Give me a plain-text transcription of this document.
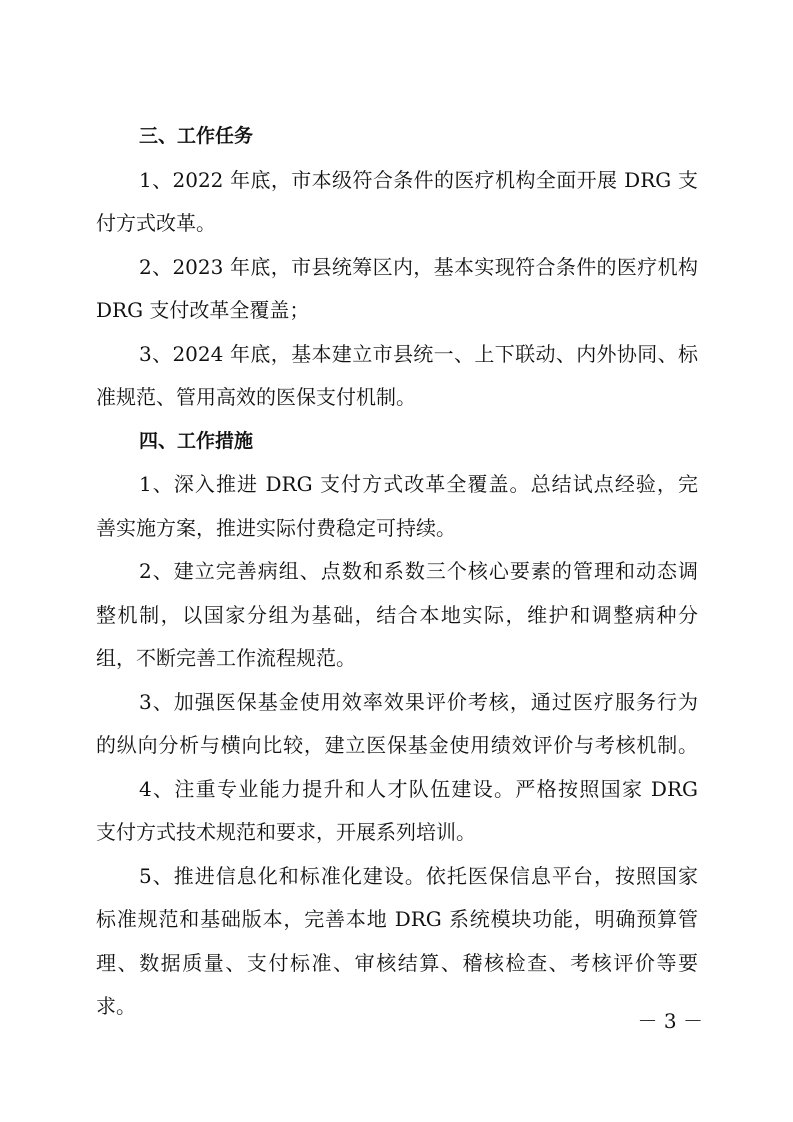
三、工作任务
1、2022 年底，市本级符合条件的医疗机构全面开展 DRG 支
付方式改革。
2、2023 年底，市县统筹区内，基本实现符合条件的医疗机构
DRG 支付改革全覆盖；
3、2024 年底，基本建立市县统一、上下联动、内外协同、标
准规范、管用高效的医保支付机制。
四、工作措施
1、深入推进 DRG 支付方式改革全覆盖。总结试点经验，完
善实施方案，推进实际付费稳定可持续。
2、建立完善病组、点数和系数三个核心要素的管理和动态调
整机制，以国家分组为基础，结合本地实际，维护和调整病种分
组，不断完善工作流程规范。
3、加强医保基金使用效率效果评价考核，通过医疗服务行为
的纵向分析与横向比较，建立医保基金使用绩效评价与考核机制。
4、注重专业能力提升和人才队伍建设。严格按照国家 DRG
支付方式技术规范和要求，开展系列培训。
5、推进信息化和标准化建设。依托医保信息平台，按照国家
标准规范和基础版本，完善本地 DRG 系统模块功能，明确预算管
理、数据质量、支付标准、审核结算、稽核检查、考核评价等要
求。
－ 3 －
